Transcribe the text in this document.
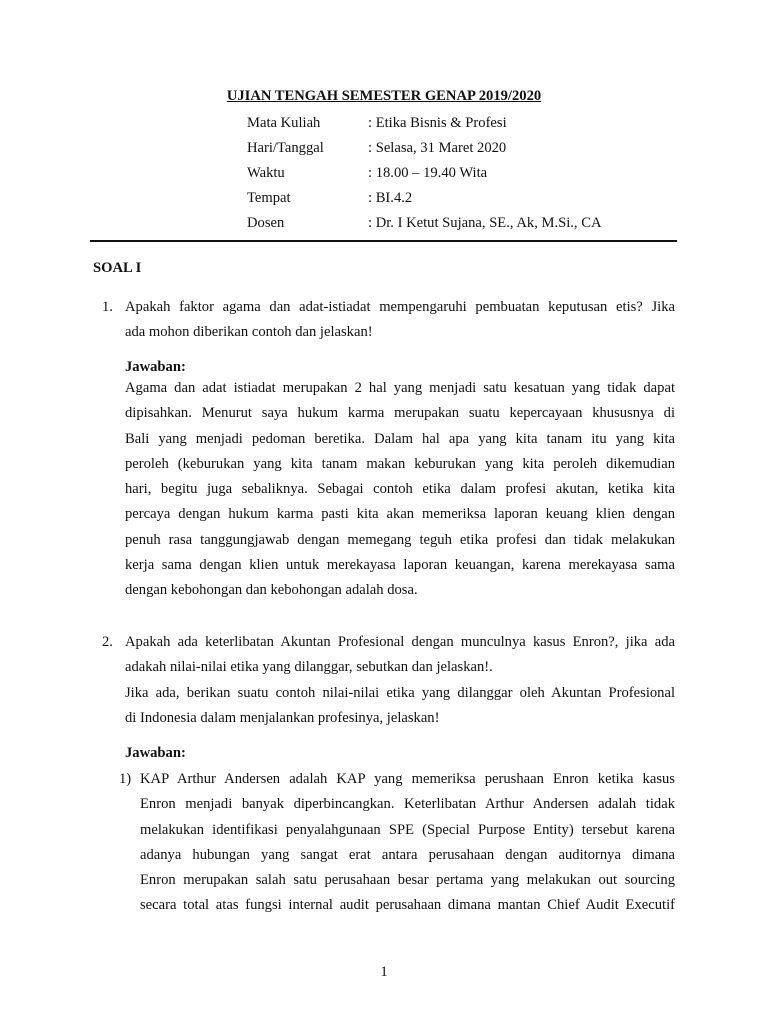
UJIAN TENGAH SEMESTER GENAP 2019/2020
Mata Kuliah	: Etika Bisnis & Profesi
Hari/Tanggal	: Selasa, 31 Maret 2020
Waktu	: 18.00 – 19.40 Wita
Tempat	: BI.4.2
Dosen	: Dr. I Ketut Sujana, SE., Ak, M.Si., CA
SOAL I
1. Apakah faktor agama dan adat-istiadat mempengaruhi pembuatan keputusan etis? Jika
ada mohon diberikan contoh dan jelaskan!
Jawaban:
Agama dan adat istiadat merupakan 2 hal yang menjadi satu kesatuan yang tidak dapat
dipisahkan. Menurut saya hukum karma merupakan suatu kepercayaan khususnya di
Bali yang menjadi pedoman beretika. Dalam hal apa yang kita tanam itu yang kita
peroleh (keburukan yang kita tanam makan keburukan yang kita peroleh dikemudian
hari, begitu juga sebaliknya. Sebagai contoh etika dalam profesi akutan, ketika kita
percaya dengan hukum karma pasti kita akan memeriksa laporan keuang klien dengan
penuh rasa tanggungjawab dengan memegang teguh etika profesi dan tidak melakukan
kerja sama dengan klien untuk merekayasa laporan keuangan, karena merekayasa sama
dengan kebohongan dan kebohongan adalah dosa.
2. Apakah ada keterlibatan Akuntan Profesional dengan munculnya kasus Enron?, jika ada
adakah nilai-nilai etika yang dilanggar, sebutkan dan jelaskan!.
Jika ada, berikan suatu contoh nilai-nilai etika yang dilanggar oleh Akuntan Profesional
di Indonesia dalam menjalankan profesinya, jelaskan!
Jawaban:
1) KAP Arthur Andersen adalah KAP yang memeriksa perushaan Enron ketika kasus
Enron menjadi banyak diperbincangkan. Keterlibatan Arthur Andersen adalah tidak
melakukan identifikasi penyalahgunaan SPE (Special Purpose Entity) tersebut karena
adanya hubungan yang sangat erat antara perusahaan dengan auditornya dimana
Enron merupakan salah satu perusahaan besar pertama yang melakukan out sourcing
secara total atas fungsi internal audit perusahaan dimana mantan Chief Audit Executif
1
